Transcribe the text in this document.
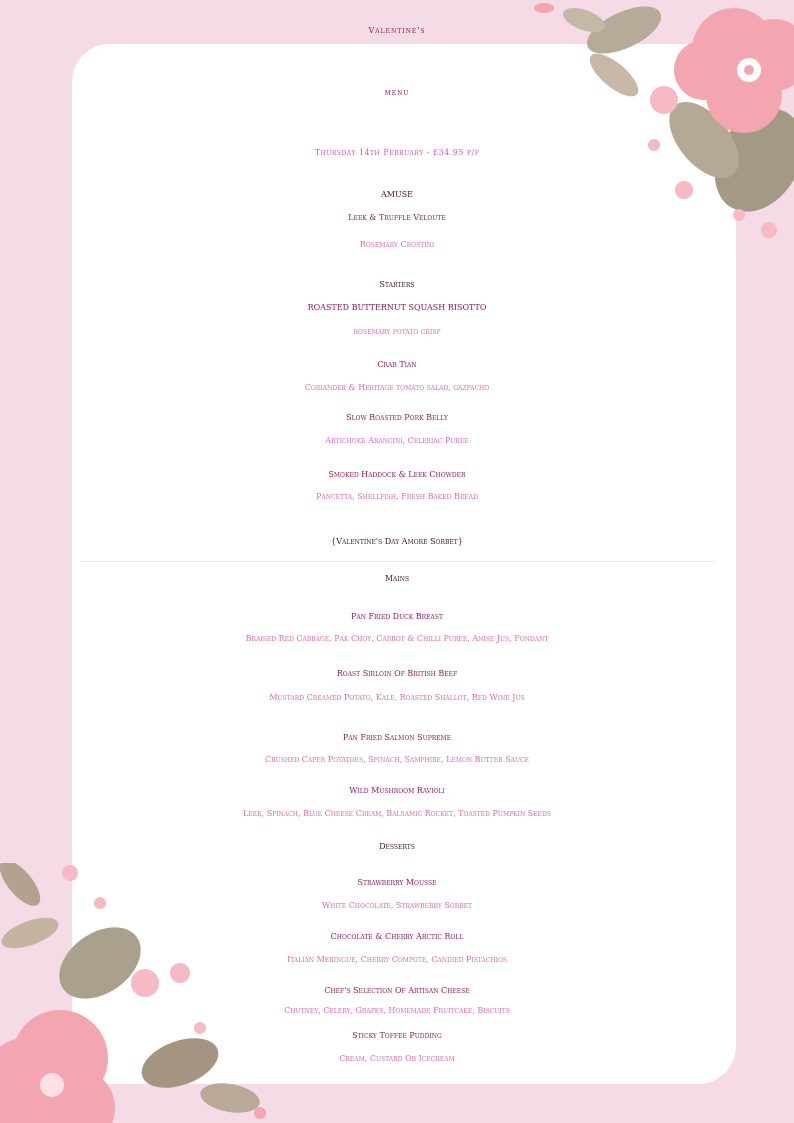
Valentine's
menu
Thursday 14th February - £34.95 p/p
AMUSE
Leek & Truffle Veloute
Rosemary Crostini
Starters
ROASTED BUTTERNUT SQUASH RISOTTO
rosemary potato crisp
Crab Tian
Coriander & Heritage tomato salad, gazpacho
Slow Roasted Pork Belly
Artichoke Arancini, Celeriac Puree
Smoked Haddock & Leek Chowder
Pancetta, Shellfish, Fresh Baked Bread
{Valentine's Day Amore Sorbet}
Mains
Pan Fried Duck Breast
Braised Red Cabbage, Pak Choy, Carrot & Chilli Puree, Anise Jus, Fondant
Roast Sirloin Of British Beef
Mustard Creamed Potato, Kale, Roasted Shallot, Red Wine Jus
Pan Fried Salmon Supreme
Crushed Caper Potatoes, Spinach, Samphire, Lemon Butter Sauce
Wild Mushroom Ravioli
Leek, Spinach, Blue Cheese Cream, Balsamic Rocket, Toasted Pumpkin Seeds
Desserts
Strawberry Mousse
White Chocolate, Strawberry Sorbet
Chocolate & Cherry Arctic Roll
Italian Meringue, Cherry Compote, Candied Pistachios
Chef's Selection Of Artisan Cheese
Chutney, Celery, Grapes, Homemade Fruitcake, Biscuits
Sticky Toffee Pudding
Cream, Custard Or Icecream
